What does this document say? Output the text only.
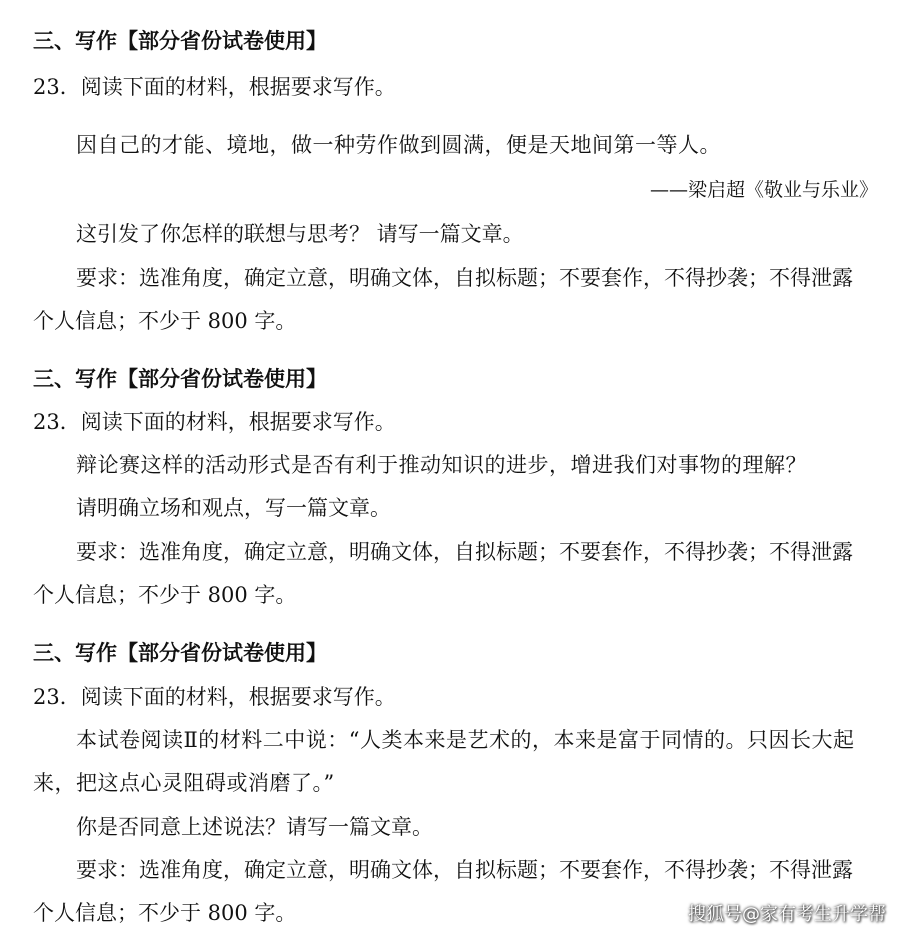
三、写作【部分省份试卷使用】
23．阅读下面的材料，根据要求写作。
因自己的才能、境地，做一种劳作做到圆满，便是天地间第一等人。
——梁启超《敬业与乐业》
这引发了你怎样的联想与思考？ 请写一篇文章。
要求：选准角度，确定立意，明确文体，自拟标题；不要套作，不得抄袭；不得泄露
个人信息；不少于 800 字。
三、写作【部分省份试卷使用】
23．阅读下面的材料，根据要求写作。
辩论赛这样的活动形式是否有利于推动知识的进步，增进我们对事物的理解？
请明确立场和观点，写一篇文章。
要求：选准角度，确定立意，明确文体，自拟标题；不要套作，不得抄袭；不得泄露
个人信息；不少于 800 字。
三、写作【部分省份试卷使用】
23．阅读下面的材料，根据要求写作。
本试卷阅读Ⅱ的材料二中说：“人类本来是艺术的，本来是富于同情的。只因长大起
来，把这点心灵阻碍或消磨了。”
你是否同意上述说法？请写一篇文章。
要求：选准角度，确定立意，明确文体，自拟标题；不要套作，不得抄袭；不得泄露
个人信息；不少于 800 字。	搜狐号@家有考生升学帮
